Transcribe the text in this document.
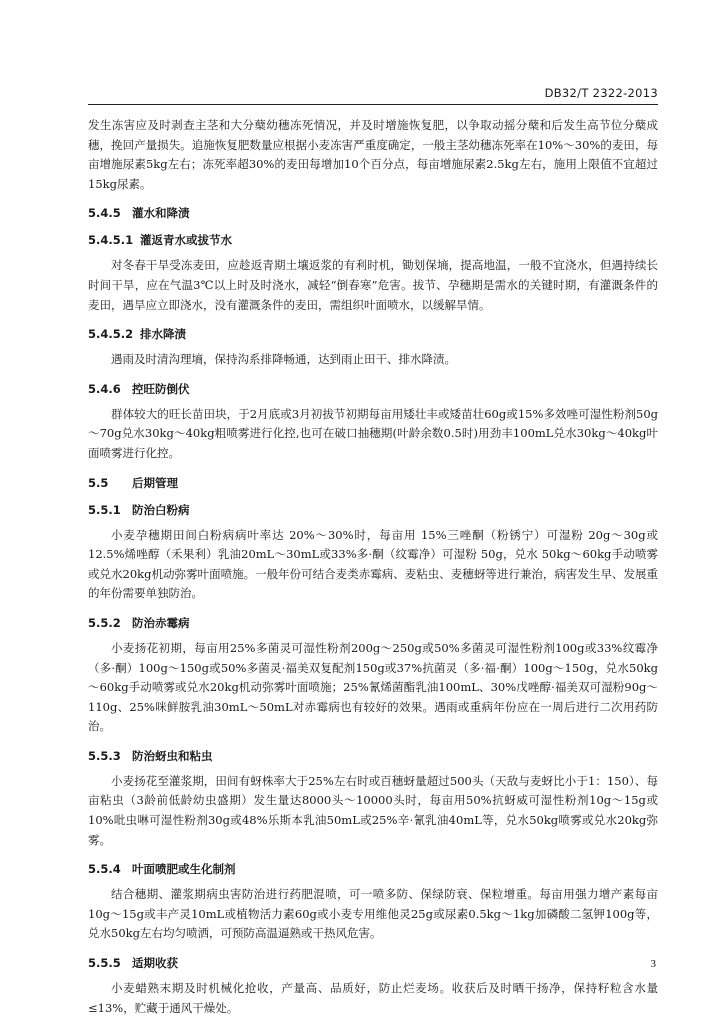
DB32/T 2322-2013

发生冻害应及时剥查主茎和大分蘖幼穗冻死情况，并及时增施恢复肥，以争取动摇分蘖和后发生高节位分蘖成穗，挽回产量损失。追施恢复肥数量应根据小麦冻害严重度确定，一般主茎幼穗冻死率在10%～30%的麦田，每亩增施尿素5kg左右；冻死率超30%的麦田每增加10个百分点，每亩增施尿素2.5kg左右，施用上限值不宜超过15kg尿素。

5.4.5 灌水和降渍
5.4.5.1 灌返青水或拔节水

对冬春干旱受冻麦田，应趁返青期土壤返浆的有利时机，锄划保墒，提高地温，一般不宜浇水，但遇持续长时间干旱，应在气温3℃以上时及时浇水，减轻“倒春寒”危害。拔节、孕穗期是需水的关键时期，有灌溉条件的麦田，遇旱应立即浇水，没有灌溉条件的麦田，需组织叶面喷水，以缓解旱情。

5.4.5.2 排水降渍

遇雨及时清沟理墒，保持沟系排降畅通，达到雨止田干、排水降渍。

5.4.6 控旺防倒伏

群体较大的旺长苗田块，于2月底或3月初拔节初期每亩用矮壮丰或矮苗壮60g或15%多效唑可湿性粉剂50g～70g兑水30kg～40kg粗喷雾进行化控,也可在破口抽穗期(叶龄余数0.5时)用劲丰100mL兑水30kg～40kg叶面喷雾进行化控。

5.5 后期管理
5.5.1 防治白粉病

小麦孕穗期田间白粉病病叶率达 20%～30%时，每亩用 15%三唑酮（粉锈宁）可湿粉 20g～30g或12.5%烯唑醇（禾果利）乳油20mL～30mL或33%多·酮（纹霉净）可湿粉 50g，兑水 50kg～60kg手动喷雾或兑水20kg机动弥雾叶面喷施。一般年份可结合麦类赤霉病、麦粘虫、麦穗蚜等进行兼治，病害发生早、发展重的年份需要单独防治。

5.5.2 防治赤霉病

小麦扬花初期，每亩用25%多菌灵可湿性粉剂200g～250g或50%多菌灵可湿性粉剂100g或33%纹霉净（多·酮）100g～150g或50%多菌灵·福美双复配剂150g或37%抗菌灵（多·福·酮）100g～150g，兑水50kg～60kg手动喷雾或兑水20kg机动弥雾叶面喷施；25%氰烯菌酯乳油100mL、30%戊唑醇·福美双可湿粉90g～110g、25%咪鲜胺乳油30mL～50mL对赤霉病也有较好的效果。遇雨或重病年份应在一周后进行二次用药防治。

5.5.3 防治蚜虫和粘虫

小麦扬花至灌浆期，田间有蚜株率大于25%左右时或百穗蚜量超过500头（天敌与麦蚜比小于1：150）、每亩粘虫（3龄前低龄幼虫盛期）发生量达8000头～10000头时，每亩用50%抗蚜威可湿性粉剂10g～15g或10%吡虫啉可湿性粉剂30g或48%乐斯本乳油50mL或25%辛·氰乳油40mL等，兑水50kg喷雾或兑水20kg弥雾。

5.5.4 叶面喷肥或生化制剂

结合穗期、灌浆期病虫害防治进行药肥混喷，可一喷多防、保绿防衰、保粒增重。每亩用强力增产素每亩10g～15g或丰产灵10mL或植物活力素60g或小麦专用维他灵25g或尿素0.5kg～1kg加磷酸二氢钾100g等，兑水50kg左右均匀喷洒，可预防高温逼熟或干热风危害。

5.5.5 适期收获

小麦蜡熟末期及时机械化抢收，产量高、品质好，防止烂麦场。收获后及时晒干扬净，保持籽粒含水量≤13%，贮藏于通风干燥处。

3
